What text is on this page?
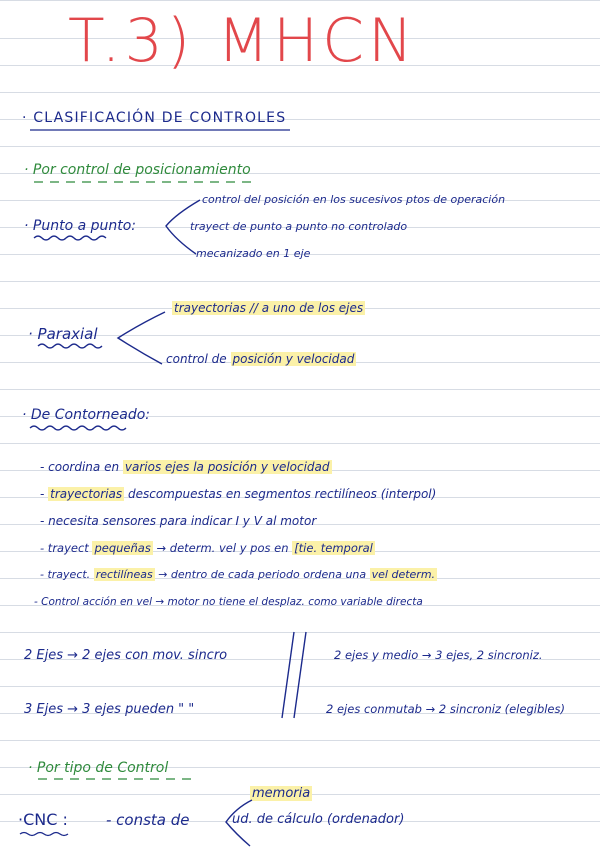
T.3) MHCN
· CLASIFICACIÓN DE CONTROLES
· Por control de posicionamiento
· Punto a punto:
control del posición en los sucesivos ptos de operación
trayect de punto a punto no controlado
mecanizado en 1 eje
· Paraxial
trayectorias // a uno de los ejes
control de posición y velocidad
· De Contorneado:
- coordina en varios ejes la posición y velocidad
- trayectorias descompuestas en segmentos rectilíneos (interpol)
- necesita sensores para indicar I y V al motor
- trayect pequeñas → determ. vel y pos en [tie. temporal
- trayect. rectilíneas → dentro de cada periodo ordena una vel determ.
- Control acción en vel → motor no tiene el desplaz. como variable directa
2 Ejes → 2 ejes con mov. sincro	2 ejes y medio → 3 ejes, 2 sincroniz.
3 Ejes → 3 ejes pueden " "	2 ejes conmutab → 2 sincroniz (elegibles)
· Por tipo de Control
·CNC :	- consta de
memoria
ud. de cálculo (ordenador)
